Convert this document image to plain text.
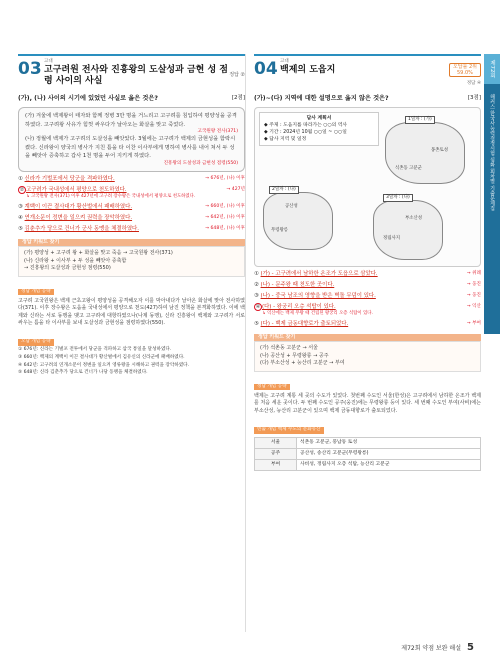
03 고대
고구려원 전사와 진흥왕의 도살성과 금현 성 점령 사이의 사실
정답 ②
(가), (나) 사이의 시기에 있었던 사실로 옳은 것은?	[2점]
(가) 겨울에 백제왕이 태자와 함께 정병 3만 명을 거느리고 고구려를 침입하여 평양성을 공격하였다. 고구려왕 사유가 힘껏 싸우다가 날아오는 화살을 맞고 죽었다.
고국원왕 전사(371)
(나) 정월에 백제가 고구려의 도살성을 빼앗았다. 3월에는 고구려가 백제의 금현성을 함락시켰다. 신라왕이 양국의 병사가 지친 틈을 타 이찬 이사부에게 명하여 병사를 내어 쳐서 두 성을 빼앗아 증축하고 갑사 1천 명을 두어 지키게 하였다.
진흥왕의 도살성과 금현성 점령(550)
→ 676년, (나) 이후
① 신라가 기벌포에서 당군을 격파하였다.
→ 427년
②고구려가 국내성에서 평양으로 천도하였다.
↳ 고국원왕 전사(371) 이후 427년에 고구려 장수왕은 국내성에서 평양으로 천도하였다.
→ 660년, (나) 이후
③ 계백이 이끈 결사대가 황산벌에서 패배하였다.
→ 642년, (나) 이후
④ 연개소문이 정변을 일으켜 권력을 장악하였다.
→ 648년, (나) 이후
⑤ 김춘추가 당으로 건너가 군사 동맹을 체결하였다.
정답 키워드 찾기
(가) 평양성 + 고구려 왕 + 화살을 맞고 죽음 → 고국원왕 전사(371)
(나) 신라왕 + 이사부 + 두 성을 빼앗아 증축함
→ 진흥왕의 도살성과 금현성 점령(550)
정답 개념 공략
고구려 고국원왕은 백제 근초고왕이 평양성을 공격해오자 이를 막아내다가 날아온 화살에 맞아 전사하였다(371). 이후 장수왕은 도읍을 국내성에서 평양으로 천도(427)하여 남진 정책을 본격화하였다. 이에 백제와 신라는 서로 동맹을 맺고 고구려에 대항하였으나(나제 동맹), 신라 진흥왕이 백제와 고구려가 서로 싸우는 틈을 타 이사부를 보내 도살성과 금현성을 점령하였다(550).
오답 개념 공략
① 676년: 신라는 기벌포 전투에서 당군을 격파하고 삼국 통일을 달성하였다.
③ 660년: 백제의 계백이 이끈 결사대가 황산벌에서 김유신의 신라군에 패배하였다.
④ 642년: 고구려의 연개소문이 정변을 일으켜 영류왕을 시해하고 권력을 장악하였다.
⑤ 648년: 신라 김춘추가 당으로 건너가 나당 동맹을 체결하였다.
04 고대
백제의 도읍지	오답률 2위
59.0%
정답 ④
(가)~(다) 지역에 대한 설명으로 옳지 않은 것은?	[3점]
답사 계획서
◆ 주제 : 도읍지를 따라가는 ○○의 역사
◆ 기간 : 2024년 10월 ○○일 ~ ○○일
◆ 답사 지역 및 일정
1일차 : (가)
2일차 : (나)
3일차 : (다)
공산성
무령왕릉
석촌동 고분군
몽촌토성
정림사지
부소산성
→ 위례
① (가) - 고구려에서 남하한 온조가 도읍으로 삼았다.
→ 웅진
② (나) - 문주왕 때 천도한 곳이다.
→ 웅진
③ (나) - 중국 남조의 영향을 받은 벽돌 무덤이 있다.
→ 익산
④(다) - 왕궁리 오층 석탑이 있다.
↳ 익산에는 백제 무왕 때 건립된 왕궁리 오층 석탑이 있다.
→ 부여
⑤ (다) - 백제 금동대향로가 출토되었다.
정답 키워드 찾기
(가) 석촌동 고분군 → 서울
(나) 공산성 + 무령왕릉 → 공주
(다) 부소산성 + 능산리 고분군 → 부여
정답 개념 공략
백제는 고구려 계통 세 곳의 수도가 있었다. 첫번째 수도인 서울(한성)은 고구려에서 남하한 온조가 백제를 처음 세운 곳이다. 두 번째 수도인 공주(웅진)에는 무령왕릉 등이 있다. 세 번째 수도인 부여(사비)에는 부소산성, 능산리 고분군이 있으며 백제 금동대향로가 출토되었다.
빈출 개념 백제 수도의 문화유산
서울	석촌동 고분군, 풍납동 토성
공주	공산성, 송산리 고분군(무령왕릉)
부여	사비성, 정림사지 오층 석탑, 능산리 고분군
제72회
해커스 한국사능력검정시험 심화 회차별 기출문제집
제72회 약점 보완 해설 5
